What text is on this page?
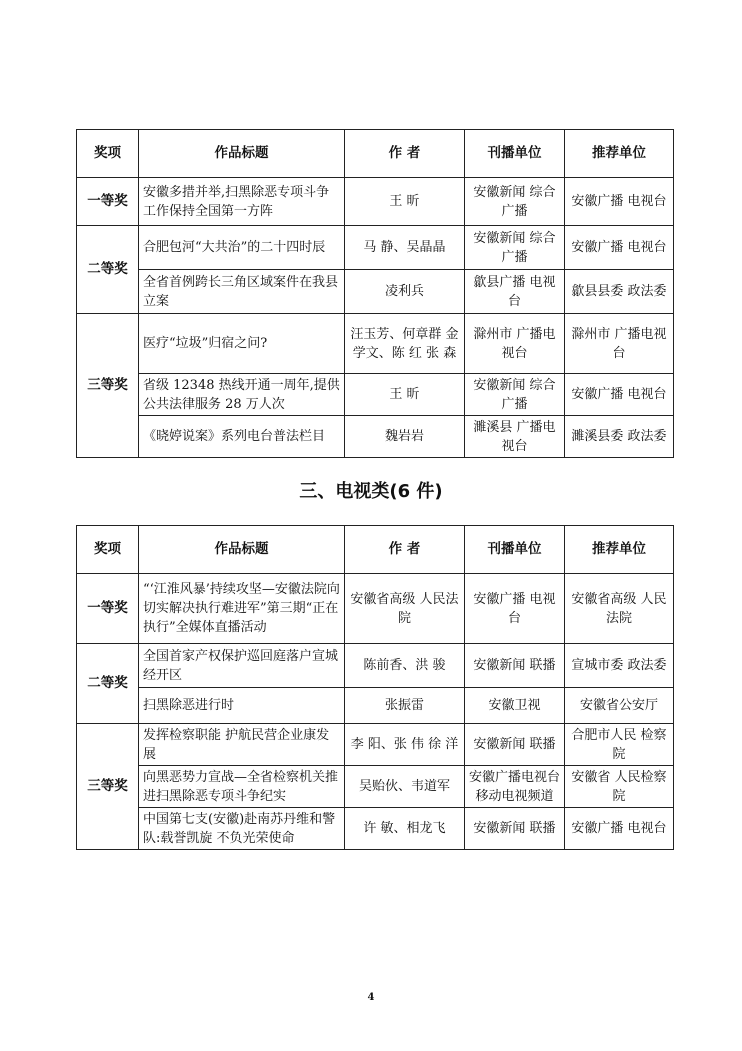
奖项	作品标题	作 者	刊播单位	推荐单位
一等奖	安徽多措并举,扫黑除恶专项斗争工作保持全国第一方阵	王 昕	安徽新闻 综合广播	安徽广播 电视台
二等奖	合肥包河“大共治”的二十四时辰	马 静、吴晶晶	安徽新闻 综合广播	安徽广播 电视台
	全省首例跨长三角区域案件在我县立案	凌利兵	歙县广播 电视台	歙县县委 政法委
三等奖	医疗“垃圾”归宿之问?	汪玉芳、何章群 金学文、陈 红 张 森	滁州市 广播电视台	滁州市 广播电视台
	省级 12348 热线开通一周年,提供公共法律服务 28 万人次	王 昕	安徽新闻 综合广播	安徽广播 电视台
	《晓婷说案》系列电台普法栏目	魏岩岩	濉溪县 广播电视台	濉溪县委 政法委
三、电视类(6 件)
奖项	作品标题	作 者	刊播单位	推荐单位
一等奖	“‘江淮风暴’持续攻坚—安徽法院向切实解决执行难进军”第三期“正在执行”全媒体直播活动	安徽省高级 人民法院	安徽广播 电视台	安徽省高级 人民法院
二等奖	全国首家产权保护巡回庭落户宣城经开区	陈前香、洪 骏	安徽新闻 联播	宣城市委 政法委
	扫黑除恶进行时	张振雷	安徽卫视	安徽省公安厅
三等奖	发挥检察职能 护航民营企业康发展	李 阳、张 伟 徐 洋	安徽新闻 联播	合肥市人民 检察院
	向黑恶势力宣战—全省检察机关推进扫黑除恶专项斗争纪实	吴贻伙、韦道军	安徽广播电视台 移动电视频道	安徽省 人民检察院
	中国第七支(安徽)赴南苏丹维和警队:载誉凯旋 不负光荣使命	许 敏、相龙飞	安徽新闻 联播	安徽广播 电视台
4
